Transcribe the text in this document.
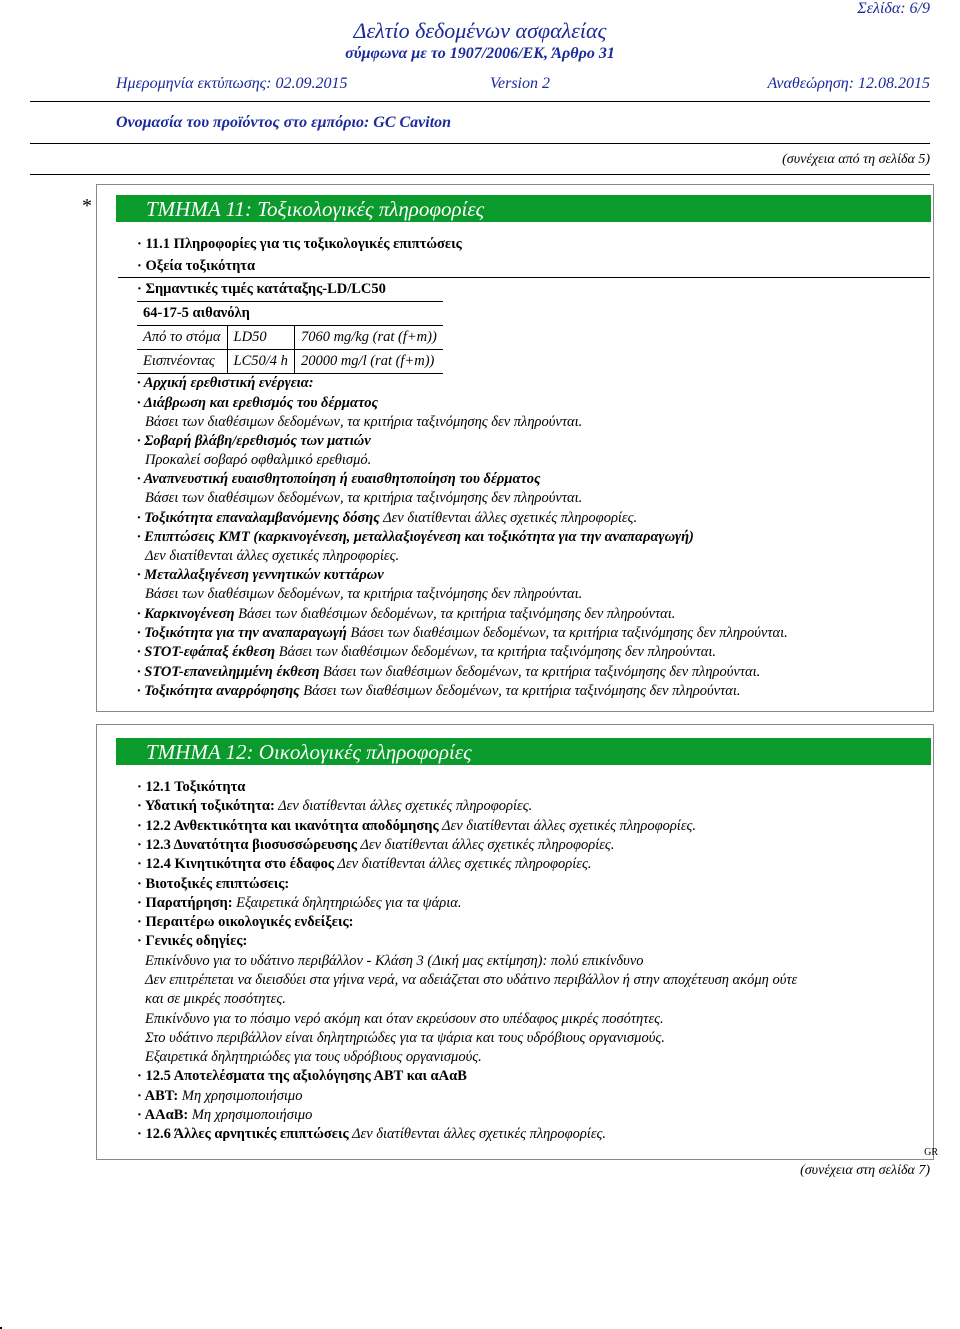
Σελίδα: 6/9
Δελτίο δεδομένων ασφαλείας
σύμφωνα με το 1907/2006/ΕΚ, Άρθρο 31
Ημερομηνία εκτύπωσης: 02.09.2015	Version 2	Αναθεώρηση: 12.08.2015
Ονομασία του προϊόντος στο εμπόριο: GC Caviton
(συνέχεια από τη σελίδα 5)
*	ΤΜΗΜΑ 11: Τοξικολογικές πληροφορίες
· 11.1 Πληροφορίες για τις τοξικολογικές επιπτώσεις
· Οξεία τοξικότητα
· Σημαντικές τιμές κατάταξης-LD/LC50
64-17-5 αιθανόλη		
Από το στόμα	LD50	7060 mg/kg (rat (f+m))
Εισπνέοντας	LC50/4 h	20000 mg/l (rat (f+m))
· Αρχική ερεθιστική ενέργεια:
· Διάβρωση και ερεθισμός του δέρματος
Βάσει των διαθέσιμων δεδομένων, τα κριτήρια ταξινόμησης δεν πληρούνται.
· Σοβαρή βλάβη/ερεθισμός των ματιών
Προκαλεί σοβαρό οφθαλμικό ερεθισμό.
· Αναπνευστική ευαισθητοποίηση ή ευαισθητοποίηση του δέρματος
Βάσει των διαθέσιμων δεδομένων, τα κριτήρια ταξινόμησης δεν πληρούνται.
· Τοξικότητα επαναλαμβανόμενης δόσης Δεν διατίθενται άλλες σχετικές πληροφορίες.
· Επιπτώσεις ΚΜΤ (καρκινογένεση, μεταλλαξιογένεση και τοξικότητα για την αναπαραγωγή)
Δεν διατίθενται άλλες σχετικές πληροφορίες.
· Μεταλλαξιγένεση γεννητικών κυττάρων
Βάσει των διαθέσιμων δεδομένων, τα κριτήρια ταξινόμησης δεν πληρούνται.
· Καρκινογένεση Βάσει των διαθέσιμων δεδομένων, τα κριτήρια ταξινόμησης δεν πληρούνται.
· Τοξικότητα για την αναπαραγωγή Βάσει των διαθέσιμων δεδομένων, τα κριτήρια ταξινόμησης δεν πληρούνται.
· STOT-εφάπαξ έκθεση Βάσει των διαθέσιμων δεδομένων, τα κριτήρια ταξινόμησης δεν πληρούνται.
· STOT-επανειλημμένη έκθεση Βάσει των διαθέσιμων δεδομένων, τα κριτήρια ταξινόμησης δεν πληρούνται.
· Τοξικότητα αναρρόφησης Βάσει των διαθέσιμων δεδομένων, τα κριτήρια ταξινόμησης δεν πληρούνται.
ΤΜΗΜΑ 12: Οικολογικές πληροφορίες
· 12.1 Τοξικότητα
· Υδατική τοξικότητα: Δεν διατίθενται άλλες σχετικές πληροφορίες.
· 12.2 Ανθεκτικότητα και ικανότητα αποδόμησης Δεν διατίθενται άλλες σχετικές πληροφορίες.
· 12.3 Δυνατότητα βιοσυσσώρευσης Δεν διατίθενται άλλες σχετικές πληροφορίες.
· 12.4 Κινητικότητα στο έδαφος Δεν διατίθενται άλλες σχετικές πληροφορίες.
· Βιοτοξικές επιπτώσεις:
· Παρατήρηση: Εξαιρετικά δηλητηριώδες για τα ψάρια.
· Περαιτέρω οικολογικές ενδείξεις:
· Γενικές οδηγίες:
Επικίνδυνο για το υδάτινο περιβάλλον - Κλάση 3 (Δική μας εκτίμηση): πολύ επικίνδυνο
Δεν επιτρέπεται να διεισδύει στα γήινα νερά, να αδειάζεται στο υδάτινο περιβάλλον ή στην αποχέτευση ακόμη ούτε
και σε μικρές ποσότητες.
Επικίνδυνο για το πόσιμο νερό ακόμη και όταν εκρεύσουν στο υπέδαφος μικρές ποσότητες.
Στο υδάτινο περιβάλλον είναι δηλητηριώδες για τα ψάρια και τους υδρόβιους οργανισμούς.
Εξαιρετικά δηλητηριώδες για τους υδρόβιους οργανισμούς.
· 12.5 Αποτελέσματα της αξιολόγησης ΑΒΤ και αΑαΒ
· ΑΒΤ: Μη χρησιμοποιήσιμο
· ΑΑαΒ: Μη χρησιμοποιήσιμο
· 12.6 Άλλες αρνητικές επιπτώσεις Δεν διατίθενται άλλες σχετικές πληροφορίες.
GR
(συνέχεια στη σελίδα 7)
